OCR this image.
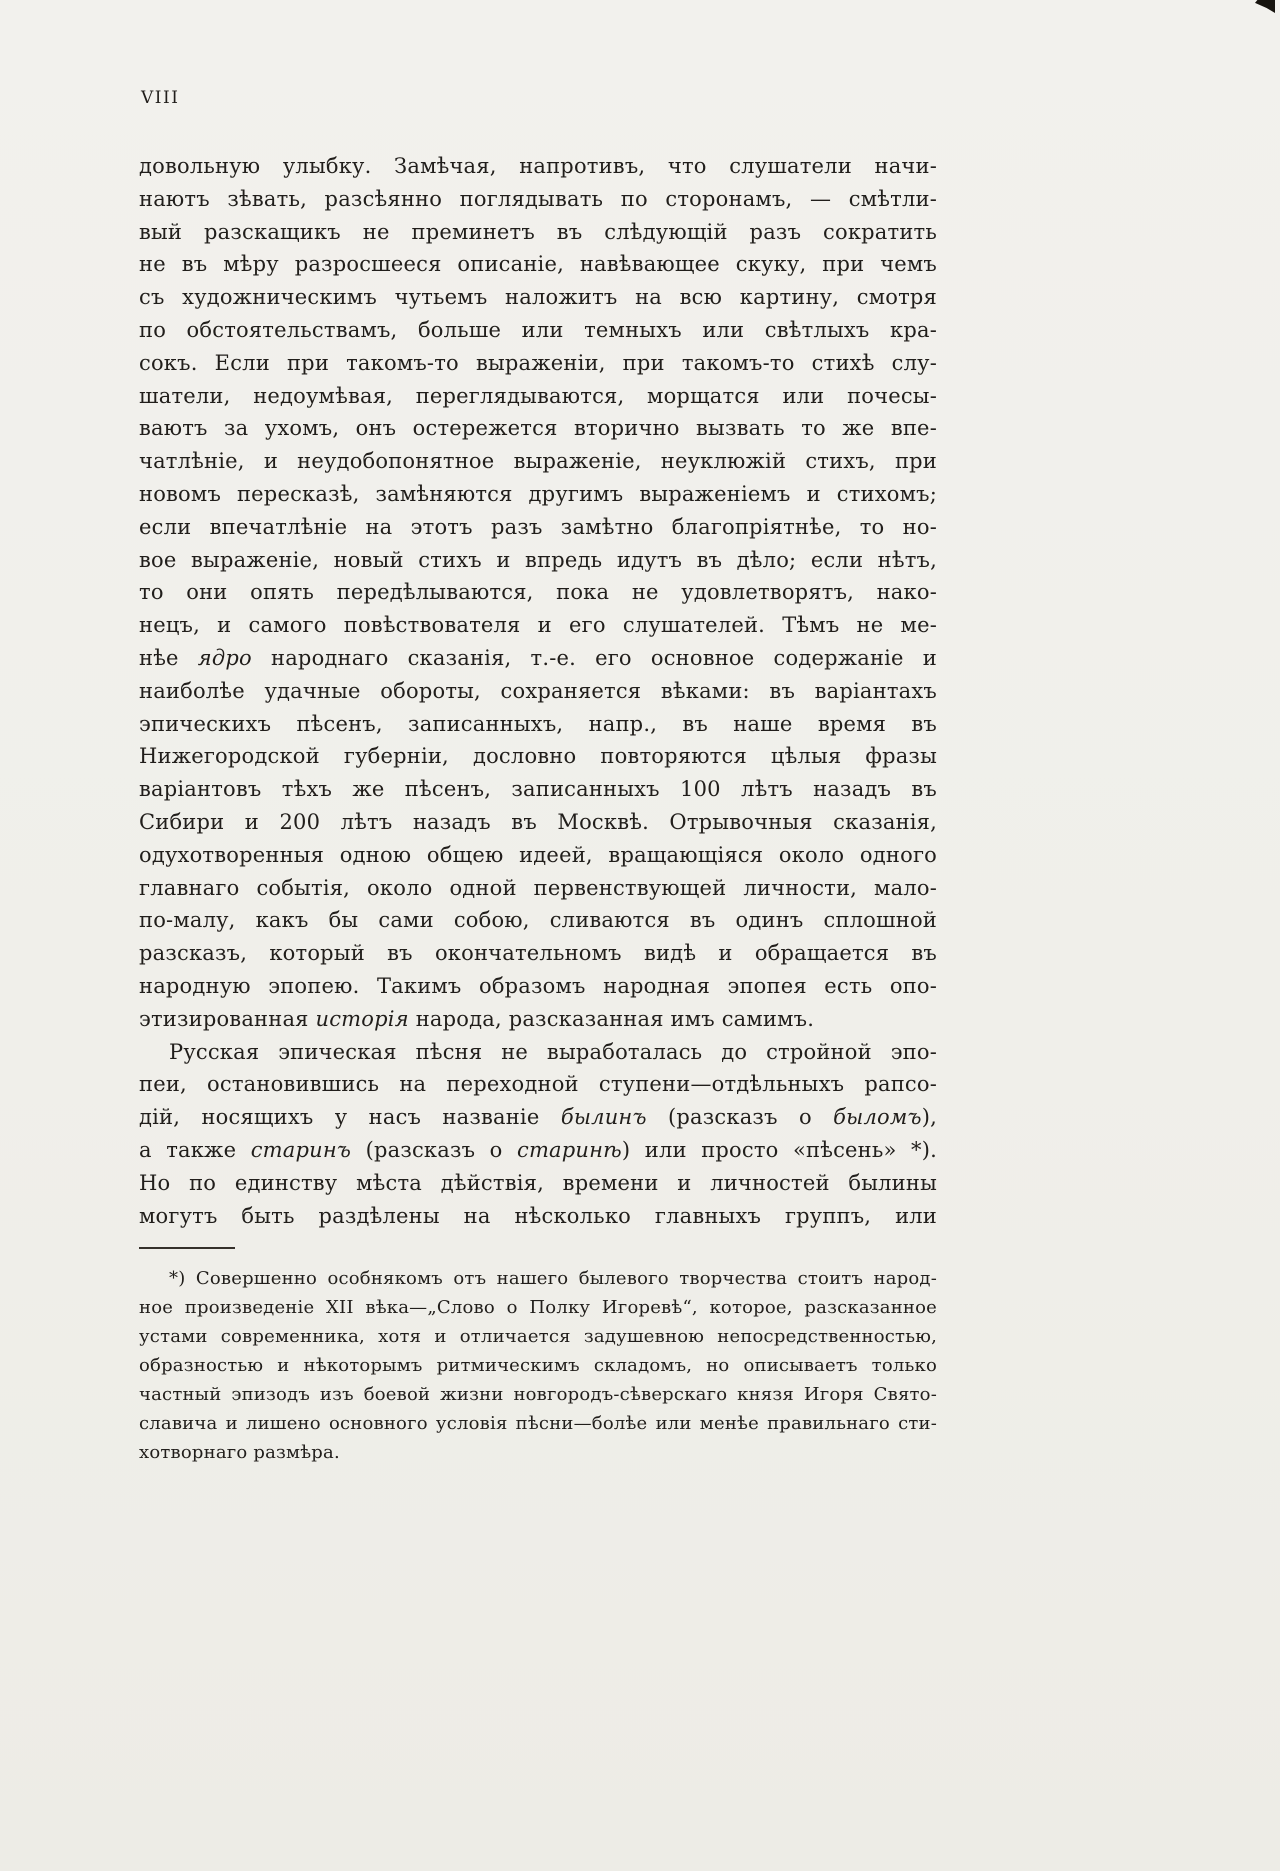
VIII
довольную улыбку. Замѣчая, напротивъ, что слушатели начи-
наютъ зѣвать, разсѣянно поглядывать по сторонамъ, — смѣтли-
вый разскащикъ не преминетъ въ слѣдующій разъ сократить
не въ мѣру разросшееся описаніе, навѣвающее скуку, при чемъ
съ художническимъ чутьемъ наложитъ на всю картину, смотря
по обстоятельствамъ, больше или темныхъ или свѣтлыхъ кра-
сокъ. Если при такомъ-то выраженіи, при такомъ-то стихѣ слу-
шатели, недоумѣвая, переглядываются, морщатся или почесы-
ваютъ за ухомъ, онъ остережется вторично вызвать то же впе-
чатлѣніе, и неудобопонятное выраженіе, неуклюжій стихъ, при
новомъ пересказѣ, замѣняются другимъ выраженіемъ и стихомъ;
если впечатлѣніе на этотъ разъ замѣтно благопріятнѣе, то но-
вое выраженіе, новый стихъ и впредь идутъ въ дѣло; если нѣтъ,
то они опять передѣлываются, пока не удовлетворятъ, нако-
нецъ, и самого повѣствователя и его слушателей. Тѣмъ не ме-
нѣе ядро народнаго сказанія, т.-е. его основное содержаніе и
наиболѣе удачные обороты, сохраняется вѣками: въ варіантахъ
эпическихъ пѣсенъ, записанныхъ, напр., въ наше время въ
Нижегородской губерніи, дословно повторяются цѣлыя фразы
варіантовъ тѣхъ же пѣсенъ, записанныхъ 100 лѣтъ назадъ въ
Сибири и 200 лѣтъ назадъ въ Москвѣ. Отрывочныя сказанія,
одухотворенныя одною общею идеей, вращающіяся около одного
главнаго событія, около одной первенствующей личности, мало-
по-малу, какъ бы сами собою, сливаются въ одинъ сплошной
разсказъ, который въ окончательномъ видѣ и обращается въ
народную эпопею. Такимъ образомъ народная эпопея есть опо-
этизированная исторія народа, разсказанная имъ самимъ.
Русская эпическая пѣсня не выработалась до стройной эпо-
пеи, остановившись на переходной ступени—отдѣльныхъ рапсо-
дій, носящихъ у насъ названіе былинъ (разсказъ о быломъ),
а также старинъ (разсказъ о старинѣ) или просто «пѣсень» *).
Но по единству мѣста дѣйствія, времени и личностей былины
могутъ быть раздѣлены на нѣсколько главныхъ группъ, или
*) Совершенно особнякомъ отъ нашего былевого творчества стоитъ народ-
ное произведеніе XII вѣка—„Слово о Полку Игоревѣ“, которое, разсказанное
устами современника, хотя и отличается задушевною непосредственностью,
образностью и нѣкоторымъ ритмическимъ складомъ, но описываетъ только
частный эпизодъ изъ боевой жизни новгородъ-сѣверскаго князя Игоря Свято-
славича и лишено основного условія пѣсни—болѣе или менѣе правильнаго сти-
хотворнаго размѣра.
